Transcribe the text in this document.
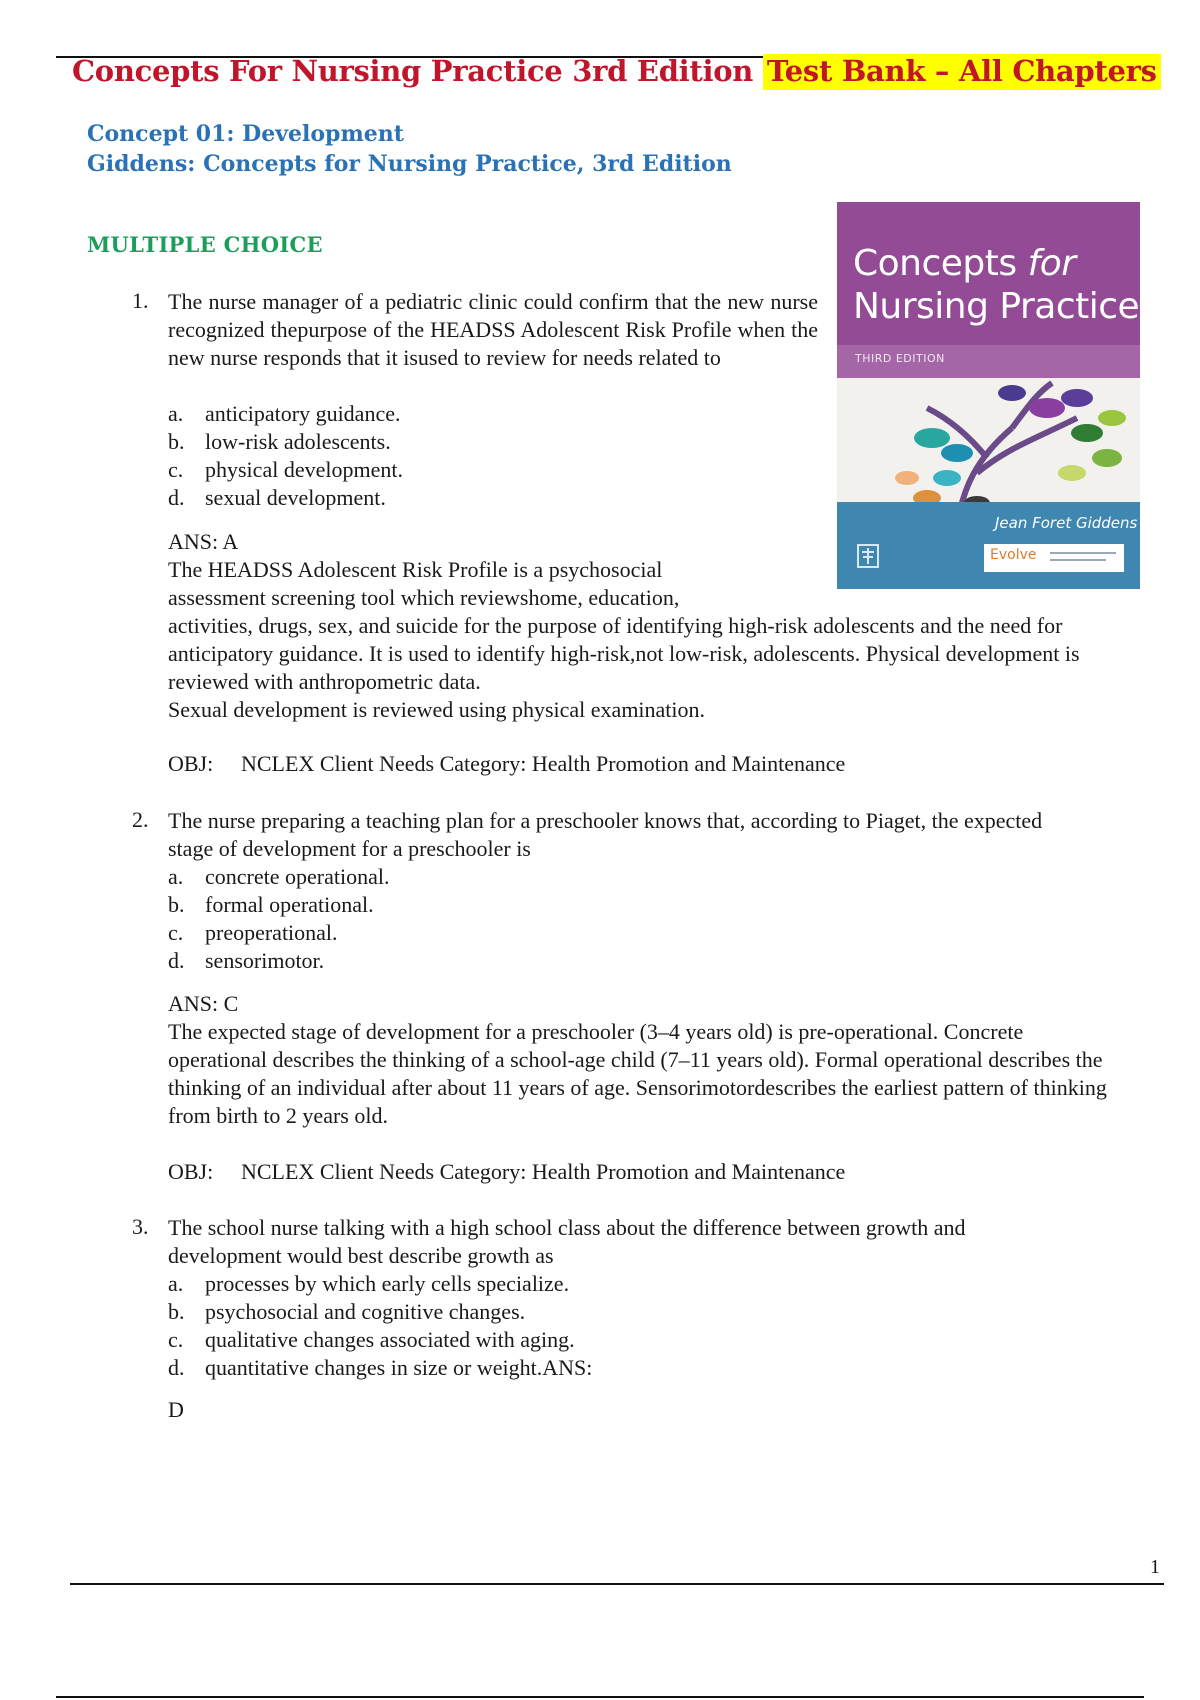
Concepts For Nursing Practice 3rd Edition Test Bank – All Chapters
Concept 01: Development
Giddens: Concepts for Nursing Practice, 3rd Edition
MULTIPLE CHOICE	Concepts for
Nursing Practice
THIRD EDITION
Jean Foret Giddens
Evolve
1. The nurse manager of a pediatric clinic could confirm that the new nurse recognized thepurpose of the HEADSS Adolescent Risk Profile when the new nurse responds that it isused to review for needs related to
a. anticipatory guidance.
b. low-risk adolescents.
c. physical development.
d. sexual development.
ANS: A
The HEADSS Adolescent Risk Profile is a psychosocial assessment screening tool which reviewshome, education,
activities, drugs, sex, and suicide for the purpose of identifying high-risk adolescents and the need for anticipatory guidance. It is used to identify high-risk,not low-risk, adolescents. Physical development is reviewed with anthropometric data.
Sexual development is reviewed using physical examination.
OBJ: NCLEX Client Needs Category: Health Promotion and Maintenance
2. The nurse preparing a teaching plan for a preschooler knows that, according to Piaget, the expected stage of development for a preschooler is
a. concrete operational.
b. formal operational.
c. preoperational.
d. sensorimotor.
ANS: C
The expected stage of development for a preschooler (3–4 years old) is pre-operational. Concrete operational describes the thinking of a school-age child (7–11 years old). Formal operational describes the thinking of an individual after about 11 years of age. Sensorimotordescribes the earliest pattern of thinking from birth to 2 years old.
OBJ: NCLEX Client Needs Category: Health Promotion and Maintenance
3. The school nurse talking with a high school class about the difference between growth and development would best describe growth as
a. processes by which early cells specialize.
b. psychosocial and cognitive changes.
c. qualitative changes associated with aging.
d. quantitative changes in size or weight.ANS:
D
1
